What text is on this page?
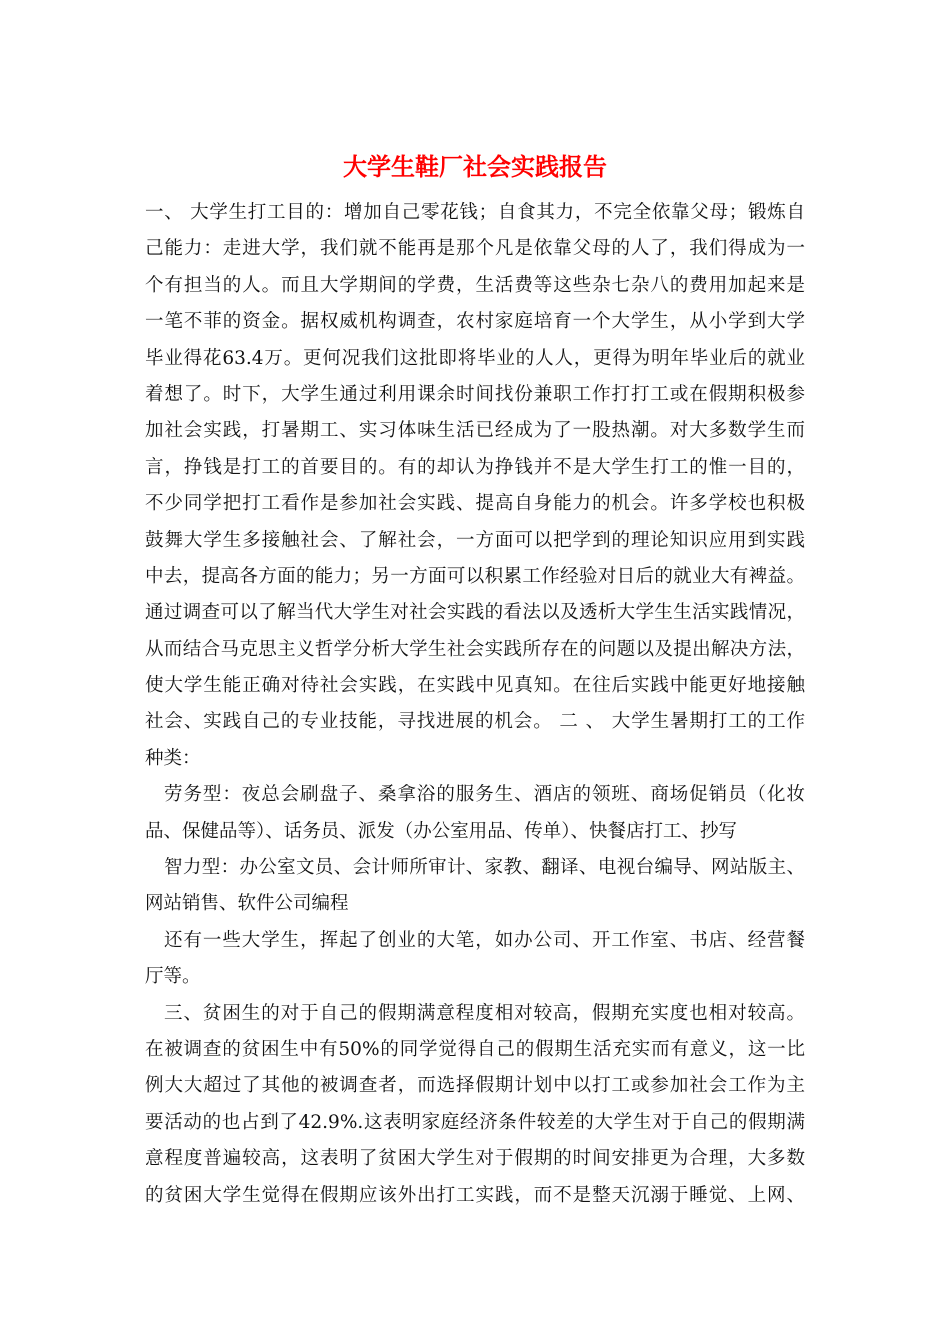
大学生鞋厂社会实践报告
一、 大学生打工目的：增加自己零花钱；自食其力，不完全依靠父母；锻炼自
己能力：走进大学，我们就不能再是那个凡是依靠父母的人了，我们得成为一
个有担当的人。而且大学期间的学费，生活费等这些杂七杂八的费用加起来是
一笔不菲的资金。据权威机构调查，农村家庭培育一个大学生，从小学到大学
毕业得花63.4万。更何况我们这批即将毕业的人人，更得为明年毕业后的就业
着想了。时下，大学生通过利用课余时间找份兼职工作打打工或在假期积极参
加社会实践，打暑期工、实习体味生活已经成为了一股热潮。对大多数学生而
言，挣钱是打工的首要目的。有的却认为挣钱并不是大学生打工的惟一目的，
不少同学把打工看作是参加社会实践、提高自身能力的机会。许多学校也积极
鼓舞大学生多接触社会、了解社会，一方面可以把学到的理论知识应用到实践
中去，提高各方面的能力；另一方面可以积累工作经验对日后的就业大有裨益。
通过调查可以了解当代大学生对社会实践的看法以及透析大学生生活实践情况，
从而结合马克思主义哲学分析大学生社会实践所存在的问题以及提出解决方法，
使大学生能正确对待社会实践，在实践中见真知。在往后实践中能更好地接触
社会、实践自己的专业技能，寻找进展的机会。 二 、 大学生暑期打工的工作
种类：
劳务型：夜总会刷盘子、桑拿浴的服务生、酒店的领班、商场促销员（化妆
品、保健品等）、话务员、派发（办公室用品、传单）、快餐店打工、抄写
智力型：办公室文员、会计师所审计、家教、翻译、电视台编导、网站版主、
网站销售、软件公司编程
还有一些大学生，挥起了创业的大笔，如办公司、开工作室、书店、经营餐
厅等。
三、贫困生的对于自己的假期满意程度相对较高，假期充实度也相对较高。
在被调查的贫困生中有50%的同学觉得自己的假期生活充实而有意义，这一比
例大大超过了其他的被调查者，而选择假期计划中以打工或参加社会工作为主
要活动的也占到了42.9%.这表明家庭经济条件较差的大学生对于自己的假期满
意程度普遍较高，这表明了贫困大学生对于假期的时间安排更为合理，大多数
的贫困大学生觉得在假期应该外出打工实践，而不是整天沉溺于睡觉、上网、
